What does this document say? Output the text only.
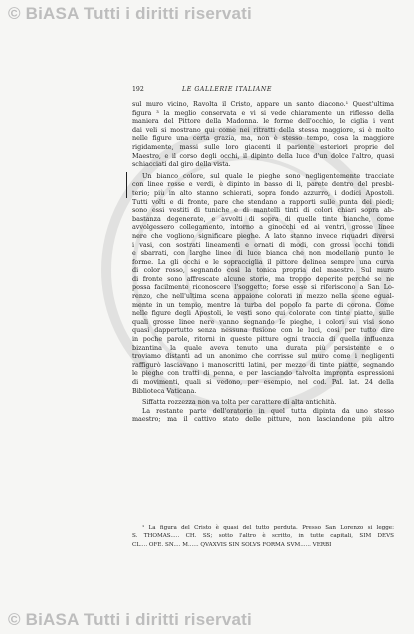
© BiASA Tutti i diritti riservati
192	LE GALLERIE ITALIANE
sul muro vicino, Ravolta il Cristo, appare un santo diacono.¹ Quest'ultima
figura ³ la meglio conservata e vi si vede chiaramente un riflesso della
maniera del Pittore della Madonna. le forme dell'occhio, le ciglia i vent
dai veli si mostrano qui come nei ritratti della stessa maggiore, si è molto
nelle figure una certa grazia, ma, non è stesso tempo, cosa la maggiore
rigidamente, massi sulle loro giacenti il pariente esteriori proprie del
Maestro, e il corso degli occhi, il dipinto della luce d'un dolce l'altro, quasi
schiacciati dal giro della vista.
Un bianco colore, sul quale le pieghe sono negligentemente tracciate
con linee rosse e verdi, è dipinto in basso di li, parete dentro del presbi-
terio; più in alto stanno schierati, sopra fondo azzurro, i dodici Apostoli.
Tutti volti e di fronte, pare che stendano a rapporti sulle punta dei piedi;
sono essi vestiti di tuniche e di mantelli tinti di colori chiari sopra ab-
bastanza degenerate, e avvolti di sopra di quelle tinte bianche, come
avvolgessero collegamento, intorno a ginocchi ed ai ventri, grosse linee
nere che vogliono significare pieghe. A lato stanno invece riquadri diversi
i vasi, con sostrati lineamenti e ornati di modi, con grossi occhi tondi
e sbarrati, con larghe linee di luce bianca che non modellano punto le
forme. La gli occhi e le sopracciglia il pittore delinea sempre una curva
di color rosso, segnando così la tonica propria del maestro. Sul muro
di fronte sono affrescate alcune storie, ma troppo deperite perché se ne
possa facilmente riconoscere l'soggetto; forse esse si riferiscono a San Lo-
renzo, che nell'ultima scena appaione colorati in mezzo nella scene egual-
mente in un tempio, mentre la turba del popolo fa parte di corona. Come
nelle figure degli Apostoli, le vesti sono qui colorate con tinte piatte, sulle
quali grosse linee nere vanno segnando le pieghe, i colori sui visi sono
quasi dappertutto senza nessuna fusione con le luci, così per tutto dire
in poche parole, ritorni in queste pitture ogni traccia di quella influenza
bizantina la quale aveva tenuto una durata più persistente e o
troviamo distanti ad un anonimo che corrisse sul muro come i negligenti
raffigurò lasciavano i manoscritti latini, per mezzo di tinte piatte, segnando
le pieghe con tratti di penna, e per lasciando talvolta impronta espressioni
di movimenti, quali si vedono, per esempio, nel cod. Pal. lat. 24 della
Biblioteca Vaticana.
Siffatta rozzezza non va tolta per carattere di alta antichità.
La restante parte dell'oratorio in quel tutta dipinta da uno stesso
maestro; ma il cattivo stato delle pitture, non lasciandone più altro
¹ La figura del Cristo è quasi del tutto perduta. Presso San Lorenzo si legge:
S. THOMAS..... CH. SS; sotto l'altro è scritto, in tutte capitali, SIM DEVS
CL.... OFE. SN.... M...... QVAXVIS SIN SOLVS FORMA SVM...... VERBI
© BiASA Tutti i diritti riservati
